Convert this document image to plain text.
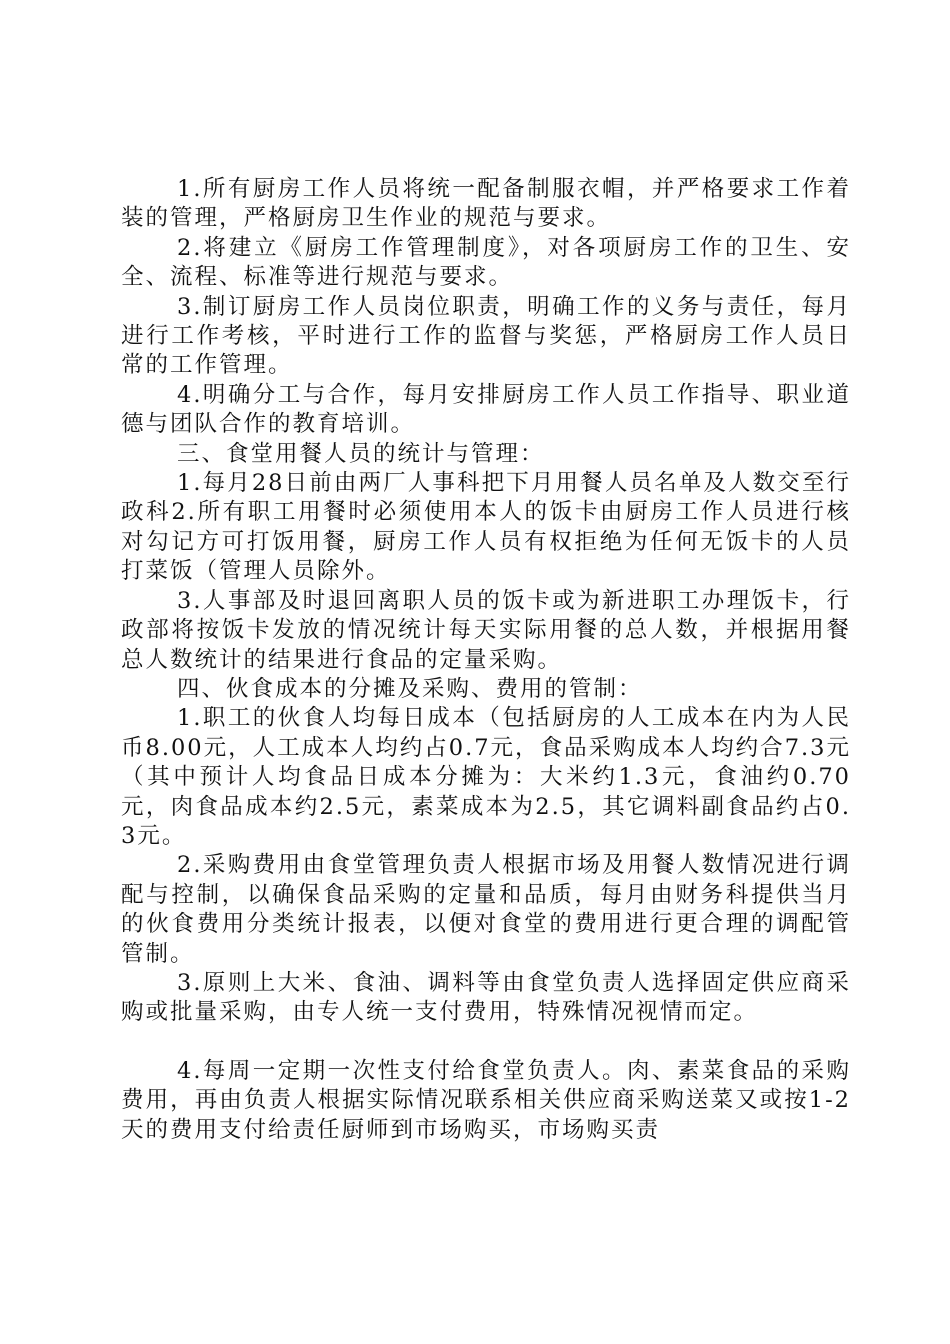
1.所有厨房工作人员将统一配备制服衣帽，并严格要求工作着装的管理，严格厨房卫生作业的规范与要求。

2.将建立《厨房工作管理制度》，对各项厨房工作的卫生、安全、流程、标准等进行规范与要求。

3.制订厨房工作人员岗位职责，明确工作的义务与责任，每月进行工作考核，平时进行工作的监督与奖惩，严格厨房工作人员日常的工作管理。

4.明确分工与合作，每月安排厨房工作人员工作指导、职业道德与团队合作的教育培训。

三、食堂用餐人员的统计与管理：

1.每月28日前由两厂人事科把下月用餐人员名单及人数交至行政科2.所有职工用餐时必须使用本人的饭卡由厨房工作人员进行核对勾记方可打饭用餐，厨房工作人员有权拒绝为任何无饭卡的人员打菜饭（管理人员除外。

3.人事部及时退回离职人员的饭卡或为新进职工办理饭卡，行政部将按饭卡发放的情况统计每天实际用餐的总人数，并根据用餐总人数统计的结果进行食品的定量采购。

四、伙食成本的分摊及采购、费用的管制：

1.职工的伙食人均每日成本（包括厨房的人工成本在内为人民币8.00元，人工成本人均约占0.7元，食品采购成本人均约合7.3元（其中预计人均食品日成本分摊为：大米约1.3元，食油约0.70元，肉食品成本约2.5元，素菜成本为2.5，其它调料副食品约占0.3元。

2.采购费用由食堂管理负责人根据市场及用餐人数情况进行调配与控制，以确保食品采购的定量和品质，每月由财务科提供当月的伙食费用分类统计报表，以便对食堂的费用进行更合理的调配管管制。

3.原则上大米、食油、调料等由食堂负责人选择固定供应商采购或批量采购，由专人统一支付费用，特殊情况视情而定。

4.每周一定期一次性支付给食堂负责人。肉、素菜食品的采购费用，再由负责人根据实际情况联系相关供应商采购送菜又或按1-2天的费用支付给责任厨师到市场购买，市场购买责
